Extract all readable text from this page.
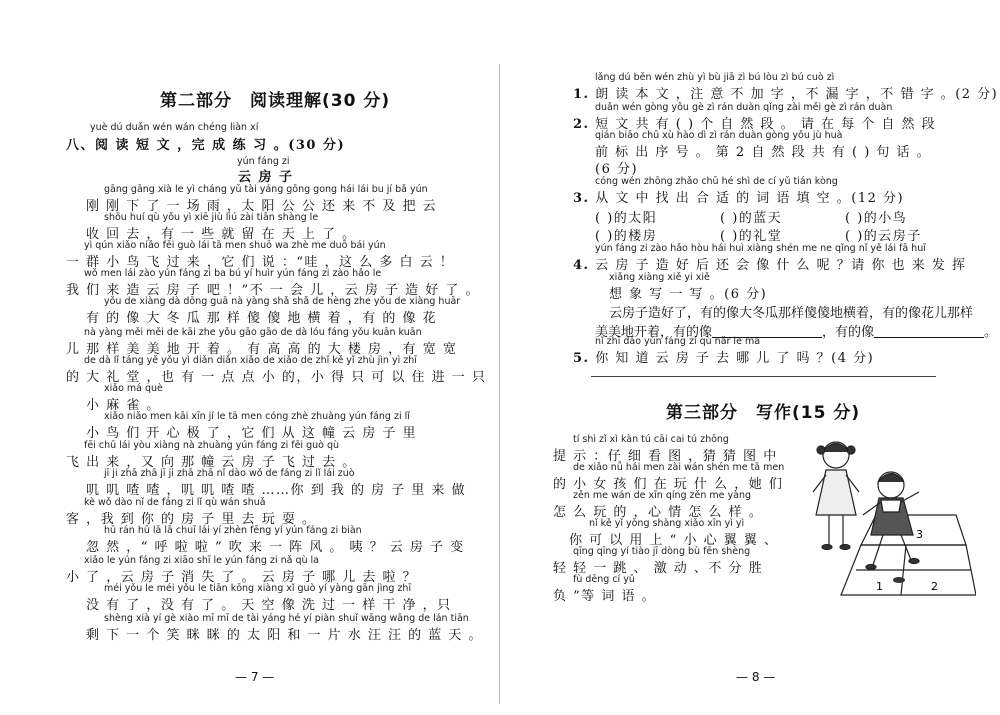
第二部分　阅读理解(30 分)
yuè dú duǎn wén wán chéng liàn xí
八、阅 读 短 文 ，完 成 练 习 。(30 分)
yún fáng zi
云 房 子
gāng gāng xià le yì cháng yǔ tài yáng gōng gong hái lái bu jí bǎ yún
刚 刚 下 了 一 场 雨 ，太 阳 公 公 还 来 不 及 把 云
shōu huí qù yǒu yì xiē jiù liú zài tiān shàng le
收 回 去 ，有 一 些 就 留 在 天 上 了 。
yì qún xiǎo niǎo fēi guò lái tā men shuō wa zhè me duō bái yún
一 群 小 鸟 飞 过 来 ，它 们 说 ：“哇 ，这 么 多 白 云 ！
wǒ men lái zào yún fáng zi ba bú yí huìr yún fáng zi zào hǎo le
我 们 来 造 云 房 子 吧 ！”不 一 会 儿 ，云 房 子 造 好 了 。
yǒu de xiàng dà dōng guā nà yàng shǎ shǎ de hèng zhe yǒu de xiàng huār
有 的 像 大 冬 瓜 那 样 傻 傻 地 横 着 ，有 的 像 花
nà yàng měi měi de kāi zhe yǒu gāo gāo de dà lóu fáng yǒu kuān kuān
儿 那 样 美 美 地 开 着 。 有 高 高 的 大 楼 房 ，有 宽 宽
de dà lǐ táng yě yǒu yì diǎn diǎn xiǎo de xiǎo de zhǐ kě yǐ zhù jìn yì zhī
的 大 礼 堂 ，也 有 一 点 点 小 的，小 得 只 可 以 住 进 一 只
xiǎo má què
小 麻 雀 。
xiǎo niǎo men kāi xīn jí le tā men cóng zhè zhuàng yún fáng zi lǐ
小 鸟 们 开 心 极 了 ，它 们 从 这 幢 云 房 子 里
fēi chū lái yòu xiàng nà zhuàng yún fáng zi fēi guò qù
飞 出 来 ，又 向 那 幢 云 房 子 飞 过 去 。
jī ji zhā zhā jī ji zhā zhā nǐ dào wǒ de fáng zi lǐ lái zuò
叽 叽 喳 喳 ，叽 叽 喳 喳 ……你 到 我 的 房 子 里 来 做
kè wǒ dào nǐ de fáng zi lǐ qù wán shuǎ
客 ，我 到 你 的 房 子 里 去 玩 耍 。
hū rán hū lā lā chuī lái yí zhèn fēng yí yún fáng zi biàn
忽 然 ，“ 呼 啦 啦 ” 吹 来 一 阵 风 。 咦 ？ 云 房 子 变
xiǎo le yún fáng zi xiāo shī le yún fáng zi nǎ qù la
小 了 ，云 房 子 消 失 了 。 云 房 子 哪 儿 去 啦 ？
méi yǒu le méi yǒu le tiān kōng xiàng xǐ guò yí yàng gān jìng zhī
没 有 了 ，没 有 了 。 天 空 像 洗 过 一 样 干 净 ，只
shèng xià yí gè xiào mī mī de tài yáng hé yí piàn shuǐ wāng wāng de lán tiān
剩 下 一 个 笑 眯 眯 的 太 阳 和 一 片 水 汪 汪 的 蓝 天 。
— 7 —
lǎng dú běn wén zhù yì bù jiā zì bú lòu zì bú cuò zì
1. 朗 读 本 文 ，注 意 不 加 字 ，不 漏 字 ，不 错 字 。(2 分)
duǎn wén gòng yǒu gè zì rán duàn qǐng zài měi gè zì rán duàn
2. 短 文 共 有 ( ) 个 自 然 段 。 请 在 每 个 自 然 段
qián biāo chū xù hào dì zì rán duàn gòng yǒu jù huà
前 标 出 序 号 。 第 2 自 然 段 共 有 ( ) 句 话 。
(6 分)
cóng wén zhōng zhǎo chū hé shì de cí yǔ tián kòng
3. 从 文 中 找 出 合 适 的 词 语 填 空 。(12 分)
( )的太阳	( )的蓝天	( )的小鸟
( )的楼房	( )的礼堂	( )的云房子
yún fáng zi zào hǎo hòu hái huì xiàng shén me ne qǐng nǐ yě lái fā huī
4. 云 房 子 造 好 后 还 会 像 什 么 呢 ？请 你 也 来 发 挥
xiǎng xiàng xiě yi xiě
想 象 写 一 写 。(6 分)
云房子造好了，有的像大冬瓜那样傻傻地横着，有的像花儿那样
美美地开着，有的像	，有的像	。
nǐ zhī dào yún fáng zi qù nǎr le ma
5. 你 知 道 云 房 子 去 哪 儿 了 吗 ？(4 分)
第三部分　写作(15 分)
tí shì zǐ xì kàn tú cāi cai tú zhōng
提 示 ：仔 细 看 图 ，猜 猜 图 中
de xiǎo nǚ hái men zài wán shén me tā men
的 小 女 孩 们 在 玩 什 么 ，她 们
zěn me wán de xīn qíng zěn me yàng
怎 么 玩 的 ，心 情 怎 么 样 。
nǐ kě yǐ yòng shàng xiǎo xīn yì yì
你 可 以 用 上 “ 小 心 翼 翼 、
qīng qīng yí tiào jī dòng bù fēn shèng
轻 轻 一 跳 、 激 动 、不 分 胜
fù dēng cí yǔ
负 ”等 词 语 。
1	2
3
— 8 —
